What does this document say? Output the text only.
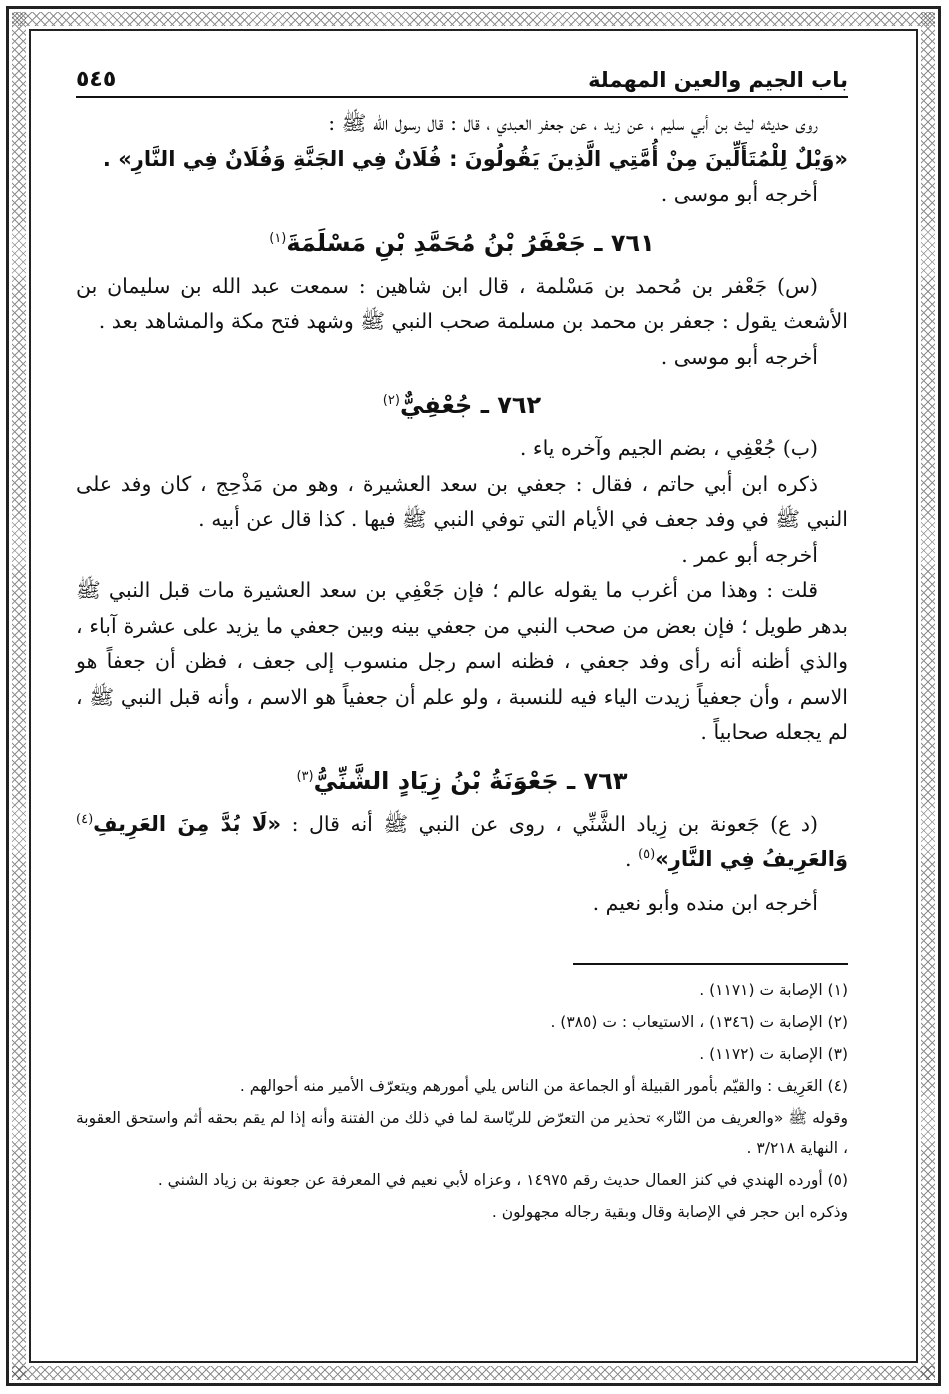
باب الجيم والعين المهملة
٥٤٥

روى حديثه ليث بن أبي سليم ، عن زيد ، عن جعفر العبدي ، قال : قال رسول الله ﷺ :

«وَيْلٌ لِلْمُتَأَلِّينَ مِنْ أُمَّتِي الَّذِينَ يَقُولُونَ : فُلَانٌ فِي الجَنَّةِ وَفُلَانٌ فِي النَّارِ» .

أخرجه أبو موسى .

٧٦١ ـ جَعْفَرُ بْنُ مُحَمَّدِ بْنِ مَسْلَمَةَ$^{(١)}$

(س) جَعْفر بن مُحمد بن مَسْلمة ، قال ابن شاهين : سمعت عبد الله بن سليمان بن الأشعث يقول : جعفر بن محمد بن مسلمة صحب النبي ﷺ وشهد فتح مكة والمشاهد بعد .

أخرجه أبو موسى .

٧٦٢ ـ جُعْفِيٌّ$^{(٢)}$

(ب) جُعْفِي ، بضم الجيم وآخره ياء .

ذكره ابن أبي حاتم ، فقال : جعفي بن سعد العشيرة ، وهو من مَذْحِج ، كان وفد على النبي ﷺ في وفد جعف في الأيام التي توفي النبي ﷺ فيها . كذا قال عن أبيه .

أخرجه أبو عمر .

قلت : وهذا من أغرب ما يقوله عالم ؛ فإن جَعْفِي بن سعد العشيرة مات قبل النبي ﷺ بدهر طويل ؛ فإن بعض من صحب النبي من جعفي بينه وبين جعفي ما يزيد على عشرة آباء ، والذي أظنه أنه رأى وفد جعفي ، فظنه اسم رجل منسوب إلى جعف ، فظن أن جعفاً هو الاسم ، وأن جعفياً زيدت الياء فيه للنسبة ، ولو علم أن جعفياً هو الاسم ، وأنه قبل النبي ﷺ ، لم يجعله صحابياً .

٧٦٣ ـ جَعْوَنَةُ بْنُ زِيَادٍ الشَّنِّيُّ$^{(٣)}$

(د ع) جَعونة بن زِياد الشَّنِّي ، روى عن النبي ﷺ أنه قال : «لَا بُدَّ مِنَ العَرِيفِ$^{(٤)}$ وَالعَرِيفُ فِي النَّارِ»$^{(٥)}$ .

أخرجه ابن منده وأبو نعيم .

(١) الإصابة ت (١١٧١) .

(٢) الإصابة ت (١٣٤٦) ، الاستيعاب : ت (٣٨٥) .

(٣) الإصابة ت (١١٧٢) .

(٤) العَرِيف : والقيّم بأمور القبيلة أو الجماعة من الناس يلي أمورهم ويتعرّف الأمير منه أحوالهم .

وقوله ﷺ «والعريف من النّار» تحذير من التعرّض للريّاسة لما في ذلك من الفتنة وأنه إذا لم يقم بحقه أثم واستحق العقوبة ، النهاية ٣/٢١٨ .

(٥) أورده الهندي في كنز العمال حديث رقم ١٤٩٧٥ ، وعزاه لأبي نعيم في المعرفة عن جعونة بن زياد الشني .

وذكره ابن حجر في الإصابة وقال وبقية رجاله مجهولون .
